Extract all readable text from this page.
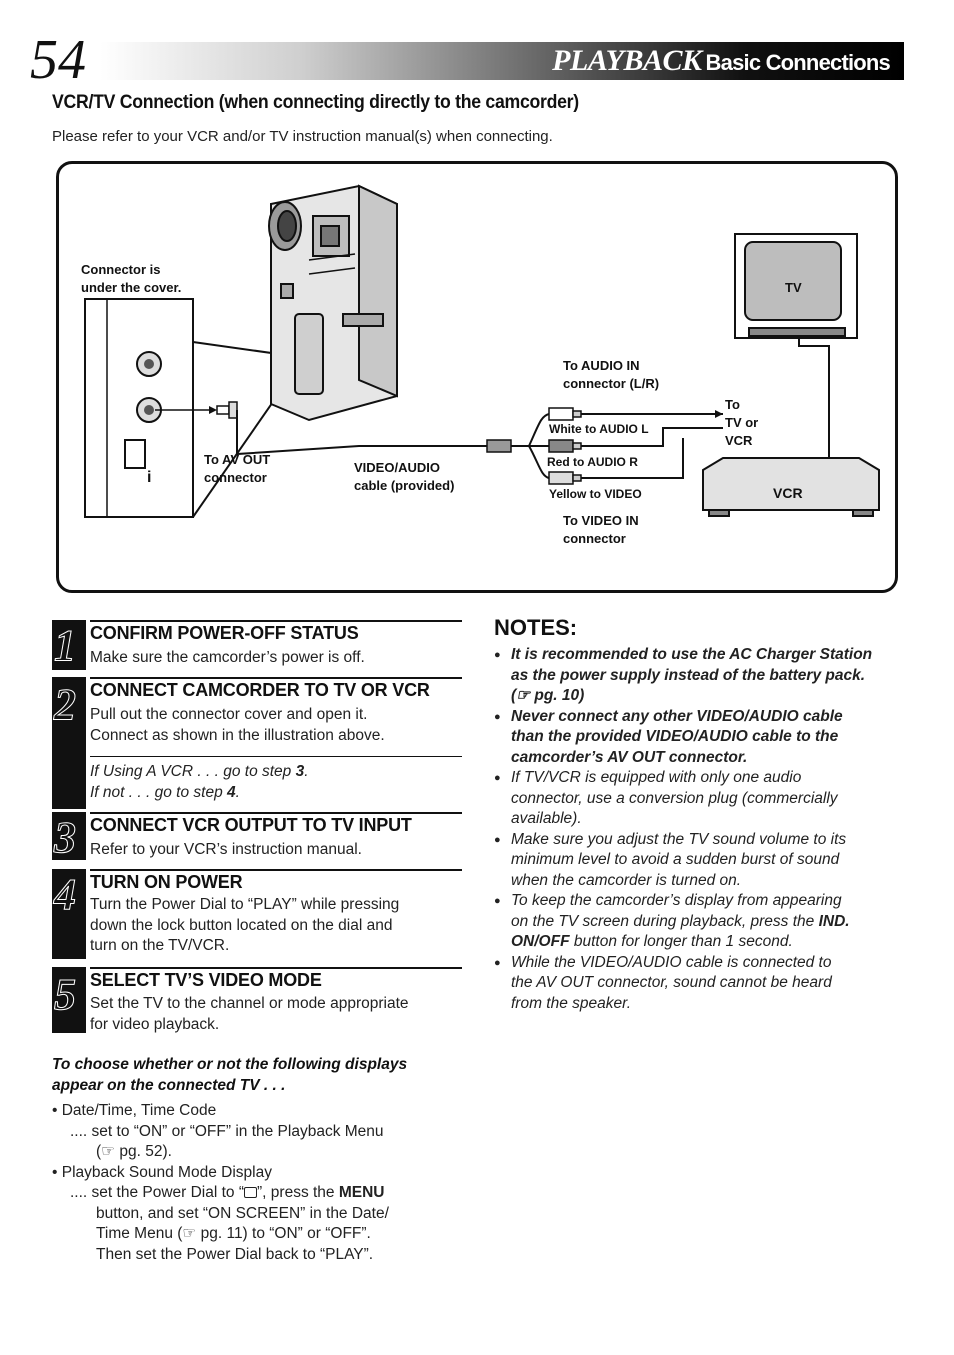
54	PLAYBACK Basic Connections
VCR/TV Connection (when connecting directly to the camcorder)
Please refer to your VCR and/or TV instruction manual(s) when connecting.
i
Connector is
under the cover.
To AV OUT
connector
VIDEO/AUDIO
cable (provided)
To AUDIO IN
connector (L/R)
White to AUDIO L
Red to AUDIO R
Yellow to VIDEO
To VIDEO IN
connector
To
TV or
VCR
TV
VCR
1 CONFIRM POWER-OFF STATUS
Make sure the camcorder’s power is off.
2 CONNECT CAMCORDER TO TV OR VCR
Pull out the connector cover and open it.
Connect as shown in the illustration above.
If Using A VCR . . . go to step 3.
If not . . . go to step 4.
3 CONNECT VCR OUTPUT TO TV INPUT
Refer to your VCR’s instruction manual.
4 TURN ON POWER
Turn the Power Dial to “PLAY” while pressing
down the lock button located on the dial and
turn on the TV/VCR.
5 SELECT TV’S VIDEO MODE
Set the TV to the channel or mode appropriate
for video playback.
To choose whether or not the following displays
appear on the connected TV . . .
• Date/Time, Time Code
.... set to “ON” or “OFF” in the Playback Menu
(☞ pg. 52).
• Playback Sound Mode Display
.... set the Power Dial to “ ”, press the MENU
button, and set “ON SCREEN” in the Date/
Time Menu (☞ pg. 11) to “ON” or “OFF”.
Then set the Power Dial back to “PLAY”.
NOTES:
● It is recommended to use the AC Charger Station
as the power supply instead of the battery pack.
(☞ pg. 10)
● Never connect any other VIDEO/AUDIO cable
than the provided VIDEO/AUDIO cable to the
camcorder’s AV OUT connector.
● If TV/VCR is equipped with only one audio
connector, use a conversion plug (commercially
available).
● Make sure you adjust the TV sound volume to its
minimum level to avoid a sudden burst of sound
when the camcorder is turned on.
● To keep the camcorder’s display from appearing
on the TV screen during playback, press the IND.
ON/OFF button for longer than 1 second.
● While the VIDEO/AUDIO cable is connected to
the AV OUT connector, sound cannot be heard
from the speaker.
